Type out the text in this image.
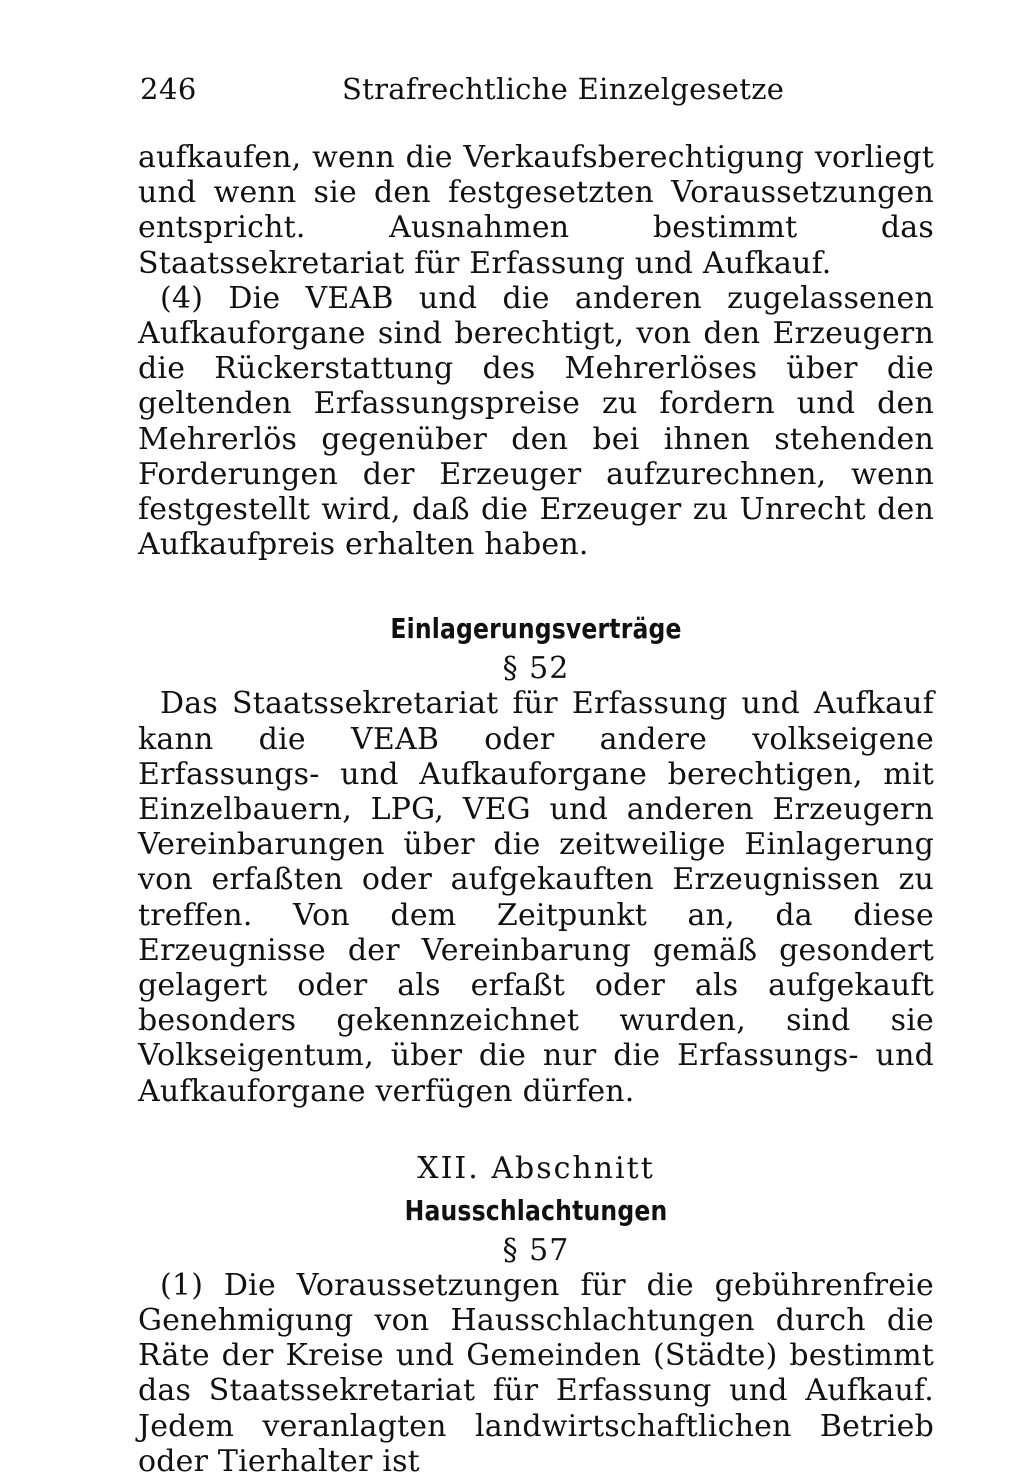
246	Strafrechtliche Einzelgesetze

aufkaufen, wenn die Verkaufsberechtigung vorliegt und wenn sie den festgesetzten Voraussetzungen entspricht. Ausnahmen bestimmt das Staatssekretariat für Erfassung und Aufkauf.

(4) Die VEAB und die anderen zugelassenen Aufkauforgane sind berechtigt, von den Erzeugern die Rückerstattung des Mehrerlöses über die geltenden Erfassungspreise zu fordern und den Mehrerlös gegenüber den bei ihnen stehenden Forderungen der Erzeuger aufzurechnen, wenn festgestellt wird, daß die Erzeuger zu Unrecht den Aufkaufpreis erhalten haben.

Einlagerungsverträge

§ 52

Das Staatssekretariat für Erfassung und Aufkauf kann die VEAB oder andere volkseigene Erfassungs- und Aufkauforgane berechtigen, mit Einzelbauern, LPG, VEG und anderen Erzeugern Vereinbarungen über die zeitweilige Einlagerung von erfaßten oder aufgekauften Erzeugnissen zu treffen. Von dem Zeitpunkt an, da diese Erzeugnisse der Vereinbarung gemäß gesondert gelagert oder als erfaßt oder als aufgekauft besonders gekennzeichnet wurden, sind sie Volkseigentum, über die nur die Erfassungs- und Aufkauforgane verfügen dürfen.

XII. Abschnitt

Hausschlachtungen

§ 57

(1) Die Voraussetzungen für die gebührenfreie Genehmigung von Hausschlachtungen durch die Räte der Kreise und Gemeinden (Städte) bestimmt das Staatssekretariat für Erfassung und Aufkauf. Jedem veranlagten landwirtschaftlichen Betrieb oder Tierhalter ist
